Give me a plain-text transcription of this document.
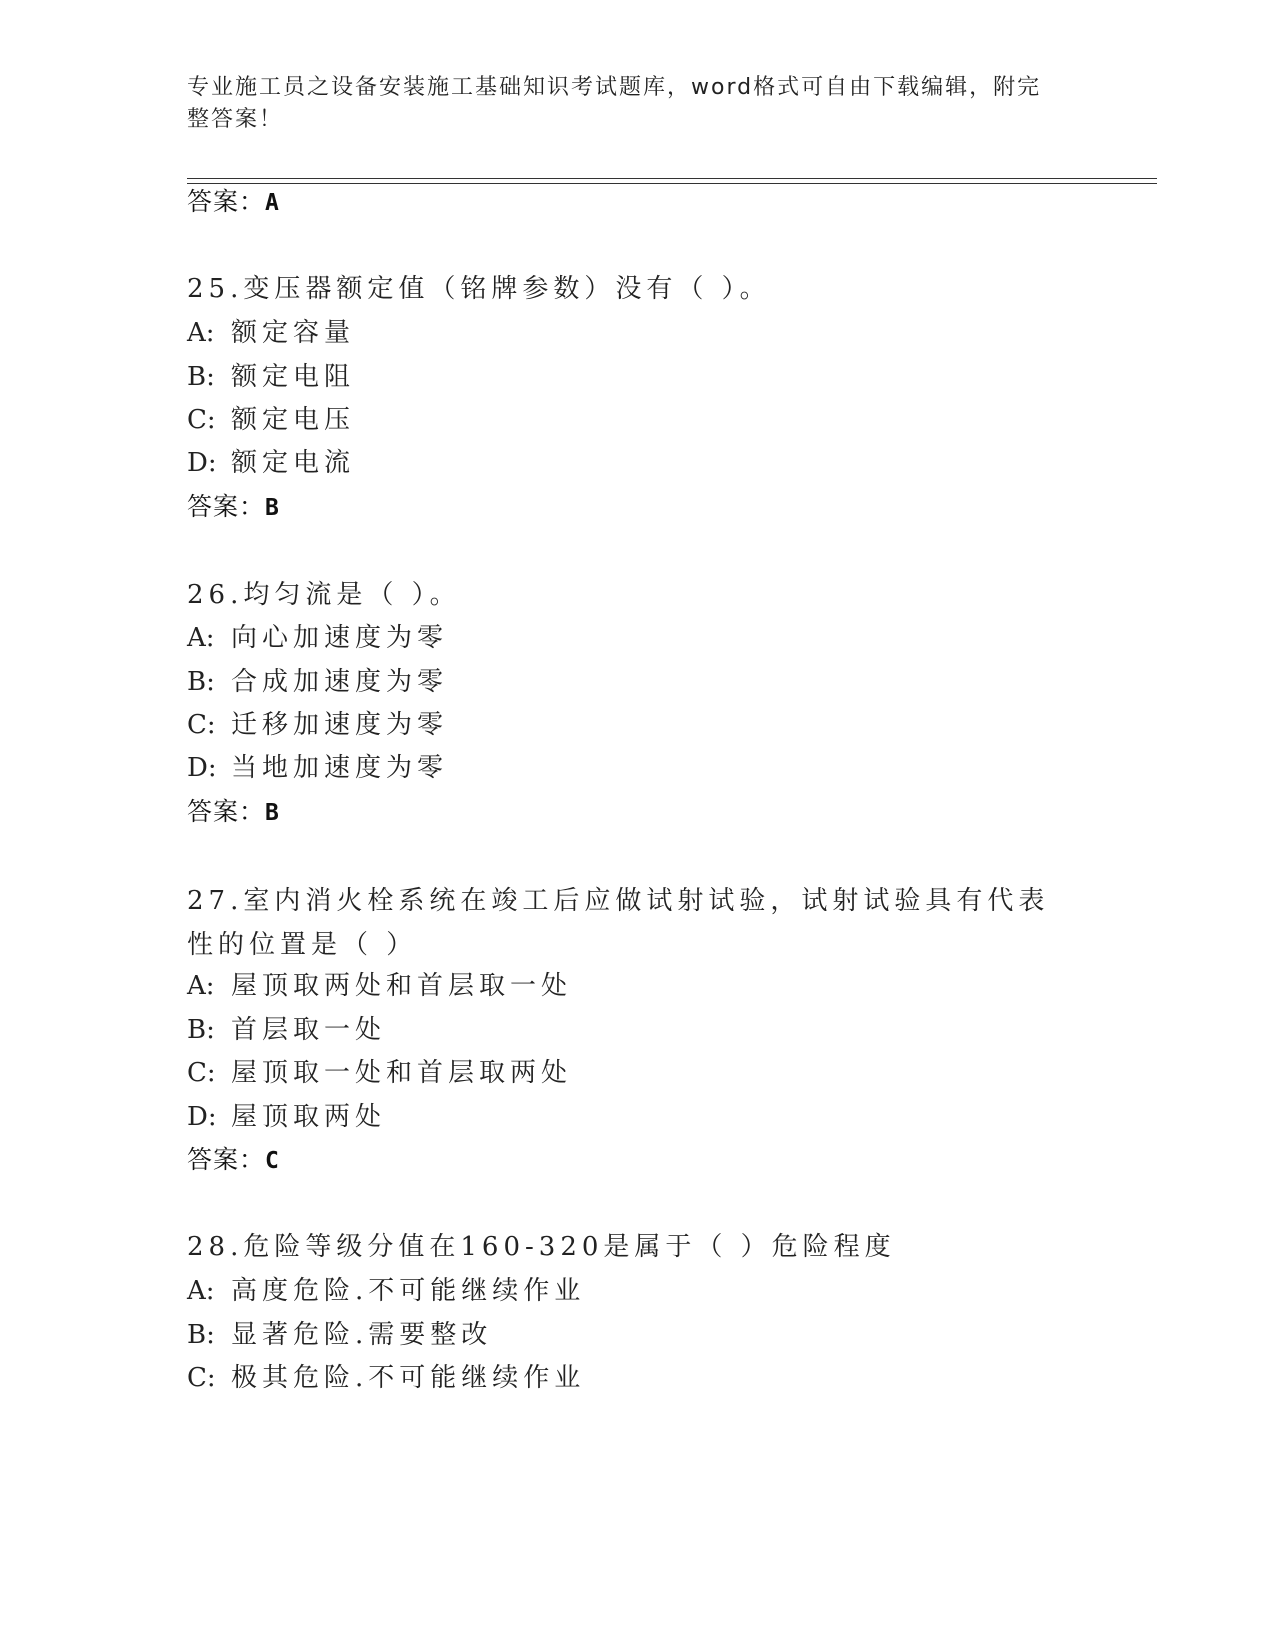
专业施工员之设备安装施工基础知识考试题库，word格式可自由下载编辑，附完整答案！
答案：A
25.变压器额定值（铭牌参数）没有（ ）。
A: 额定容量
B: 额定电阻
C: 额定电压
D: 额定电流
答案：B
26.均匀流是（ ）。
A: 向心加速度为零
B: 合成加速度为零
C: 迁移加速度为零
D: 当地加速度为零
答案：B
27.室内消火栓系统在竣工后应做试射试验，试射试验具有代表性的位置是（ ）
A: 屋顶取两处和首层取一处
B: 首层取一处
C: 屋顶取一处和首层取两处
D: 屋顶取两处
答案：C
28.危险等级分值在160-320是属于（ ）危险程度
A: 高度危险.不可能继续作业
B: 显著危险.需要整改
C: 极其危险.不可能继续作业
